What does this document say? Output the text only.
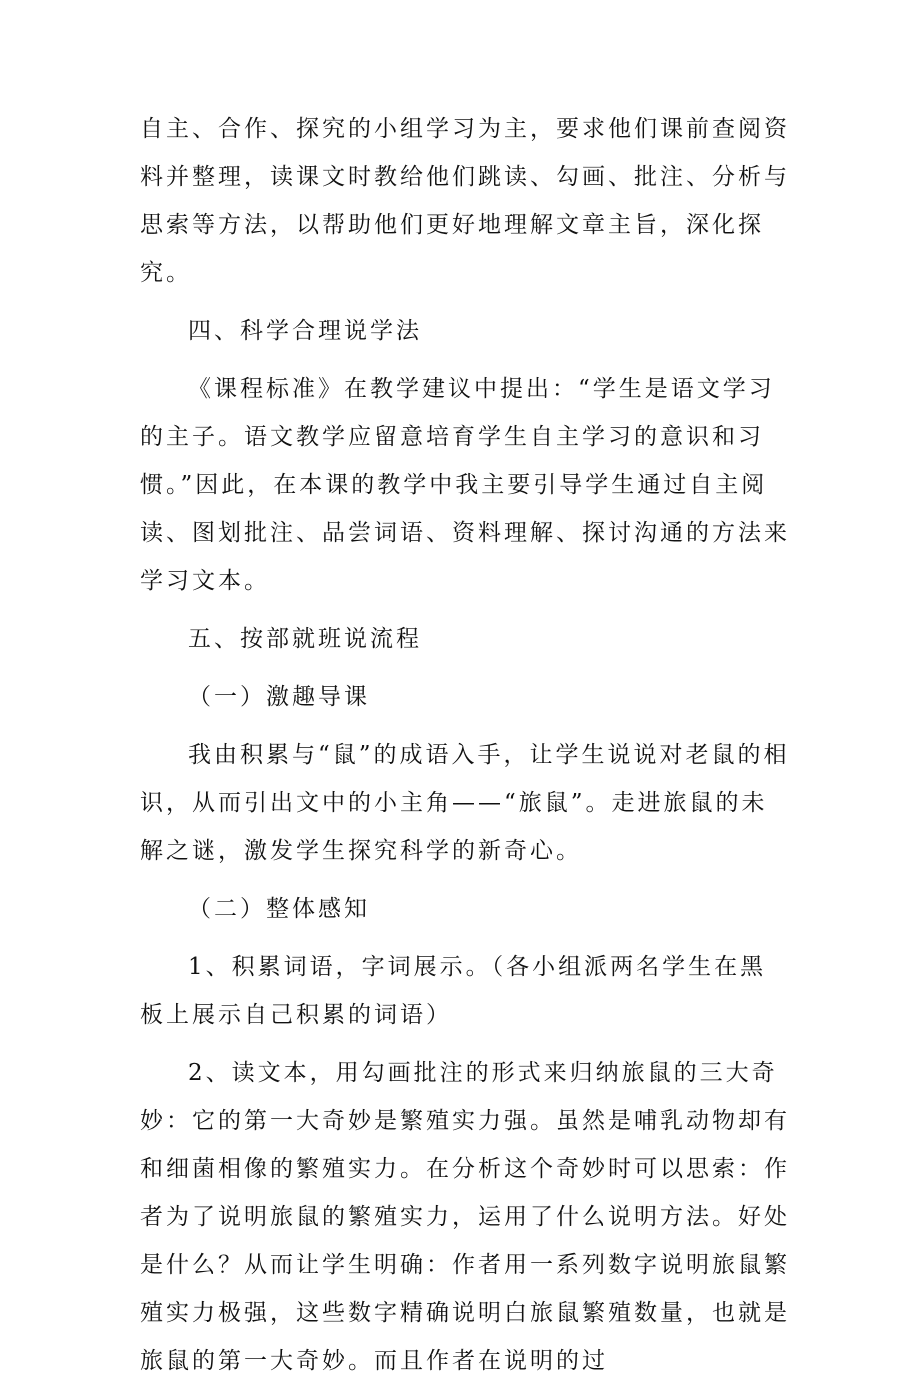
自主、合作、探究的小组学习为主，要求他们课前查阅资料并整理，读课文时教给他们跳读、勾画、批注、分析与思索等方法，以帮助他们更好地理解文章主旨，深化探究。

四、科学合理说学法

《课程标准》在教学建议中提出：“学生是语文学习的主子。语文教学应留意培育学生自主学习的意识和习惯。”因此，在本课的教学中我主要引导学生通过自主阅读、图划批注、品尝词语、资料理解、探讨沟通的方法来学习文本。

五、按部就班说流程

（一）激趣导课

我由积累与“鼠”的成语入手，让学生说说对老鼠的相识，从而引出文中的小主角——“旅鼠”。走进旅鼠的未解之谜，激发学生探究科学的新奇心。

（二）整体感知

1、积累词语，字词展示。（各小组派两名学生在黑板上展示自己积累的词语）

2、读文本，用勾画批注的形式来归纳旅鼠的三大奇妙：它的第一大奇妙是繁殖实力强。虽然是哺乳动物却有和细菌相像的繁殖实力。在分析这个奇妙时可以思索：作者为了说明旅鼠的繁殖实力，运用了什么说明方法。好处是什么？从而让学生明确：作者用一系列数字说明旅鼠繁殖实力极强，这些数字精确说明白旅鼠繁殖数量，也就是旅鼠的第一大奇妙。而且作者在说明的过
